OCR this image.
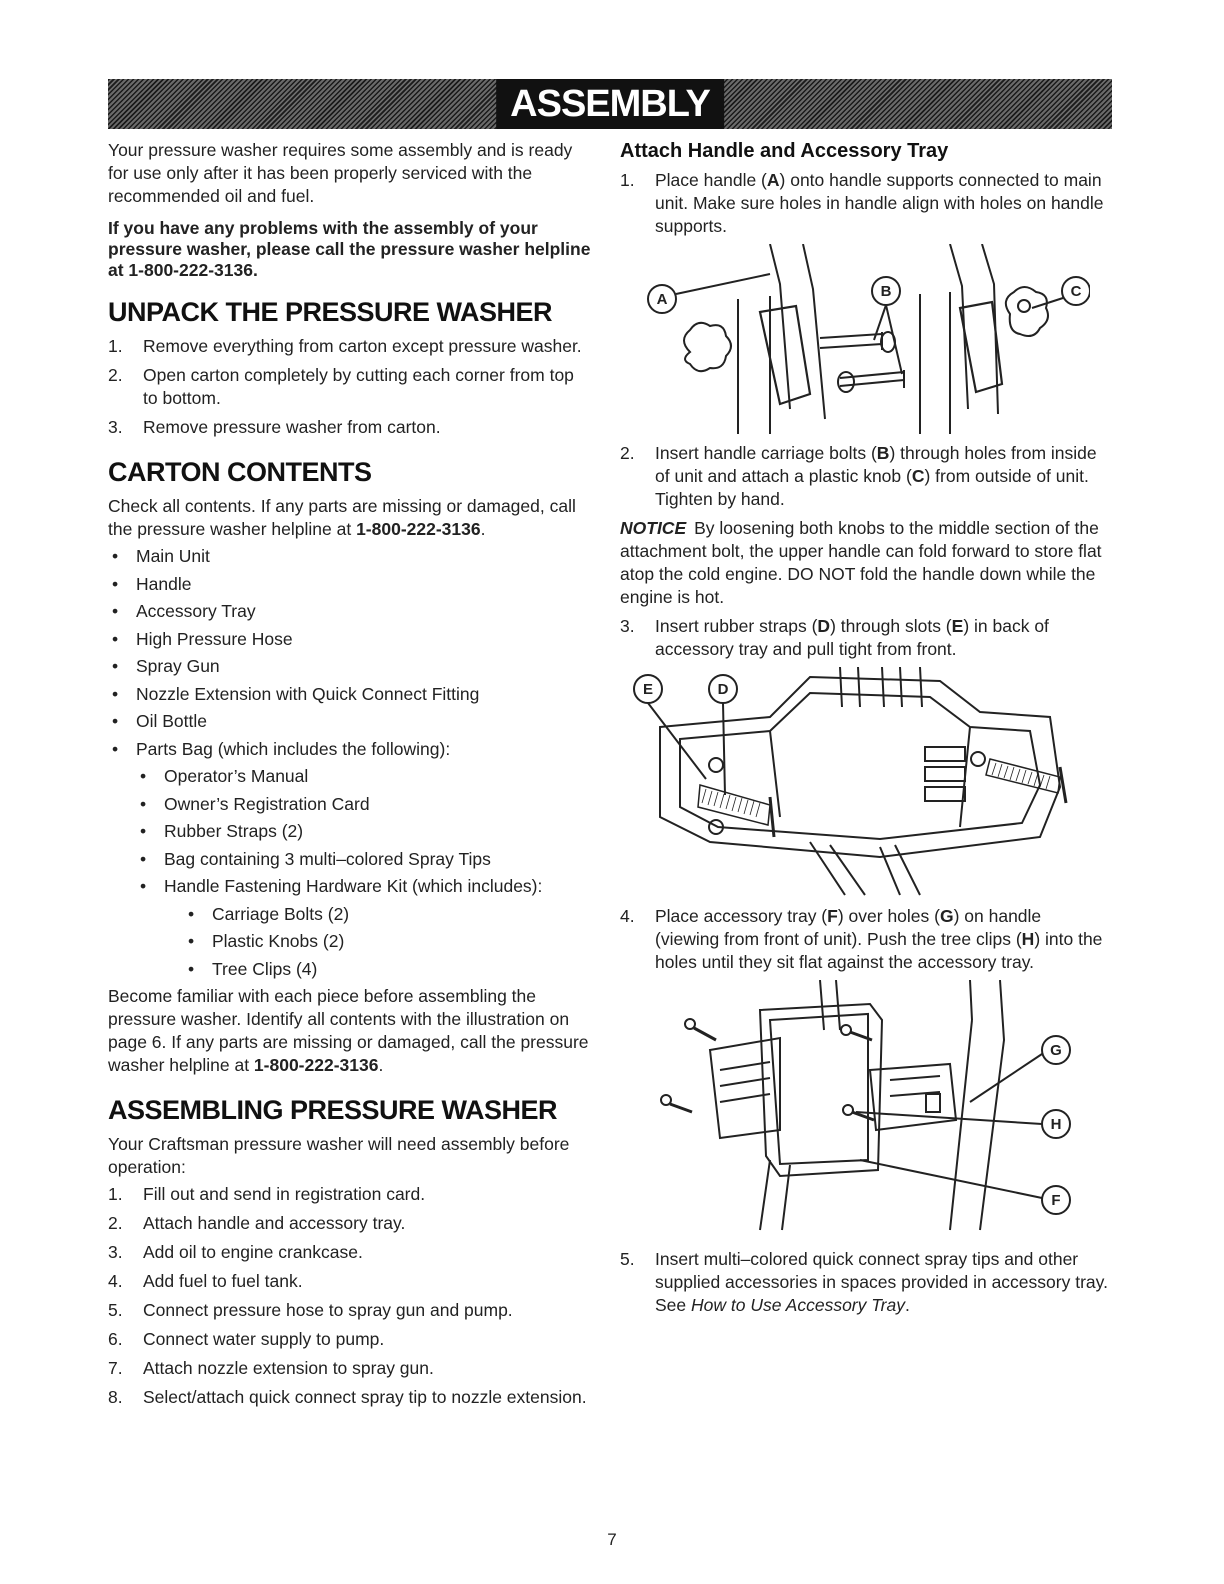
ASSEMBLY

Your pressure washer requires some assembly and is ready for use only after it has been properly serviced with the recommended oil and fuel.

If you have any problems with the assembly of your pressure washer, please call the pressure washer helpline at 1-800-222-3136.

UNPACK THE PRESSURE WASHER
1. Remove everything from carton except pressure washer.
2. Open carton completely by cutting each corner from top to bottom.
3. Remove pressure washer from carton.
CARTON CONTENTS

Check all contents. If any parts are missing or damaged, call the pressure washer helpline at 1-800-222-3136.

• Main Unit
• Handle
• Accessory Tray
• High Pressure Hose
• Spray Gun
• Nozzle Extension with Quick Connect Fitting
• Oil Bottle
• Parts Bag (which includes the following):
• Operator’s Manual
• Owner’s Registration Card
• Rubber Straps (2)
• Bag containing 3 multi–colored Spray Tips
• Handle Fastening Hardware Kit (which includes):
• Carriage Bolts (2)
• Plastic Knobs (2)
• Tree Clips (4)

Become familiar with each piece before assembling the pressure washer. Identify all contents with the illustration on page 6. If any parts are missing or damaged, call the pressure washer helpline at 1-800-222-3136.

ASSEMBLING PRESSURE WASHER

Your Craftsman pressure washer will need assembly before operation:

1. Fill out and send in registration card.
2. Attach handle and accessory tray.
3. Add oil to engine crankcase.
4. Add fuel to fuel tank.
5. Connect pressure hose to spray gun and pump.
6. Connect water supply to pump.
7. Attach nozzle extension to spray gun.
8. Select/attach quick connect spray tip to nozzle extension.
Attach Handle and Accessory Tray
1. Place handle (A) onto handle supports connected to main unit. Make sure holes in handle align with holes on handle supports.
A	B	C
2. Insert handle carriage bolts (B) through holes from inside of unit and attach a plastic knob (C) from outside of unit. Tighten by hand.

NOTICE By loosening both knobs to the middle section of the attachment bolt, the upper handle can fold forward to store flat atop the cold engine. DO NOT fold the handle down while the engine is hot.

3. Insert rubber straps (D) through slots (E) in back of accessory tray and pull tight from front.
E	D
4. Place accessory tray (F) over holes (G) on handle (viewing from front of unit). Push the tree clips (H) into the holes until they sit flat against the accessory tray.
G
H
F
5. Insert multi–colored quick connect spray tips and other supplied accessories in spaces provided in accessory tray. See How to Use Accessory Tray.
7
